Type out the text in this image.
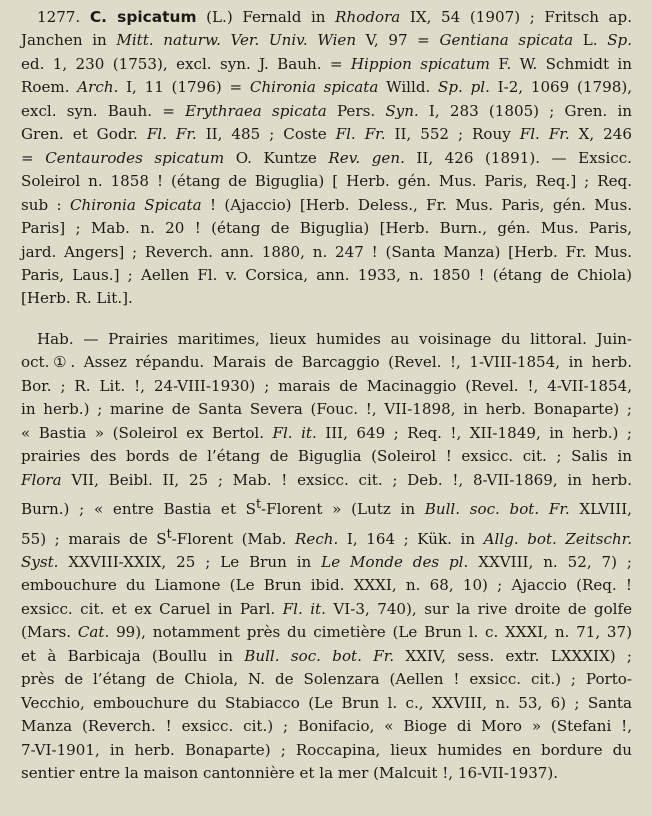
1277. C. spicatum (L.) Fernald in Rhodora IX, 54 (1907) ; Fritsch ap.
Janchen in Mitt. naturw. Ver. Univ. Wien V, 97 = Gentiana spicata L. Sp.
ed. 1, 230 (1753), excl. syn. J. Bauh. = Hippion spicatum F. W. Schmidt in
Roem. Arch. I, 11 (1796) = Chironia spicata Willd. Sp. pl. I-2, 1069 (1798),
excl. syn. Bauh. = Erythraea spicata Pers. Syn. I, 283 (1805) ; Gren. in
Gren. et Godr. Fl. Fr. II, 485 ; Coste Fl. Fr. II, 552 ; Rouy Fl. Fr. X, 246
= Centaurodes spicatum O. Kuntze Rev. gen. II, 426 (1891). — Exsicc.
Soleirol n. 1858 ! (étang de Biguglia) [ Herb. gén. Mus. Paris, Req.] ; Req.
sub : Chironia Spicata ! (Ajaccio) [Herb. Deless., Fr. Mus. Paris, gén. Mus.
Paris] ; Mab. n. 20 ! (étang de Biguglia) [Herb. Burn., gén. Mus. Paris,
jard. Angers] ; Reverch. ann. 1880, n. 247 ! (Santa Manza) [Herb. Fr. Mus.
Paris, Laus.] ; Aellen Fl. v. Corsica, ann. 1933, n. 1850 ! (étang de Chiola)
[Herb. R. Lit.].
Hab. — Prairies maritimes, lieux humides au voisinage du littoral. Juin-
oct.①. Assez répandu. Marais de Barcaggio (Revel. !, 1-VIII-1854, in herb.
Bor. ; R. Lit. !, 24-VIII-1930) ; marais de Macinaggio (Revel. !, 4-VII-1854,
in herb.) ; marine de Santa Severa (Fouc. !, VII-1898, in herb. Bonaparte) ;
« Bastia » (Soleirol ex Bertol. Fl. it. III, 649 ; Req. !, XII-1849, in herb.) ;
prairies des bords de l’étang de Biguglia (Soleirol ! exsicc. cit. ; Salis in
Flora VII, Beibl. II, 25 ; Mab. ! exsicc. cit. ; Deb. !, 8-VII-1869, in herb.
Burn.) ; « entre Bastia et $S^t$-Florent » (Lutz in Bull. soc. bot. Fr. XLVIII,
55) ; marais de $S^t$-Florent (Mab. Rech. I, 164 ; Kük. in Allg. bot. Zeitschr.
Syst. XXVIII-XXIX, 25 ; Le Brun in Le Monde des pl. XXVIII, n. 52, 7) ;
embouchure du Liamone (Le Brun ibid. XXXI, n. 68, 10) ; Ajaccio (Req. !
exsicc. cit. et ex Caruel in Parl. Fl. it. VI-3, 740), sur la rive droite de golfe
(Mars. Cat. 99), notamment près du cimetière (Le Brun l. c. XXXI, n. 71, 37)
et à Barbicaja (Boullu in Bull. soc. bot. Fr. XXIV, sess. extr. LXXXIX) ;
près de l’étang de Chiola, N. de Solenzara (Aellen ! exsicc. cit.) ; Porto-
Vecchio, embouchure du Stabiacco (Le Brun l. c., XXVIII, n. 53, 6) ; Santa
Manza (Reverch. ! exsicc. cit.) ; Bonifacio, « Bioge di Moro » (Stefani !,
7-VI-1901, in herb. Bonaparte) ; Roccapina, lieux humides en bordure du
sentier entre la maison cantonnière et la mer (Malcuit !, 16-VII-1937).
